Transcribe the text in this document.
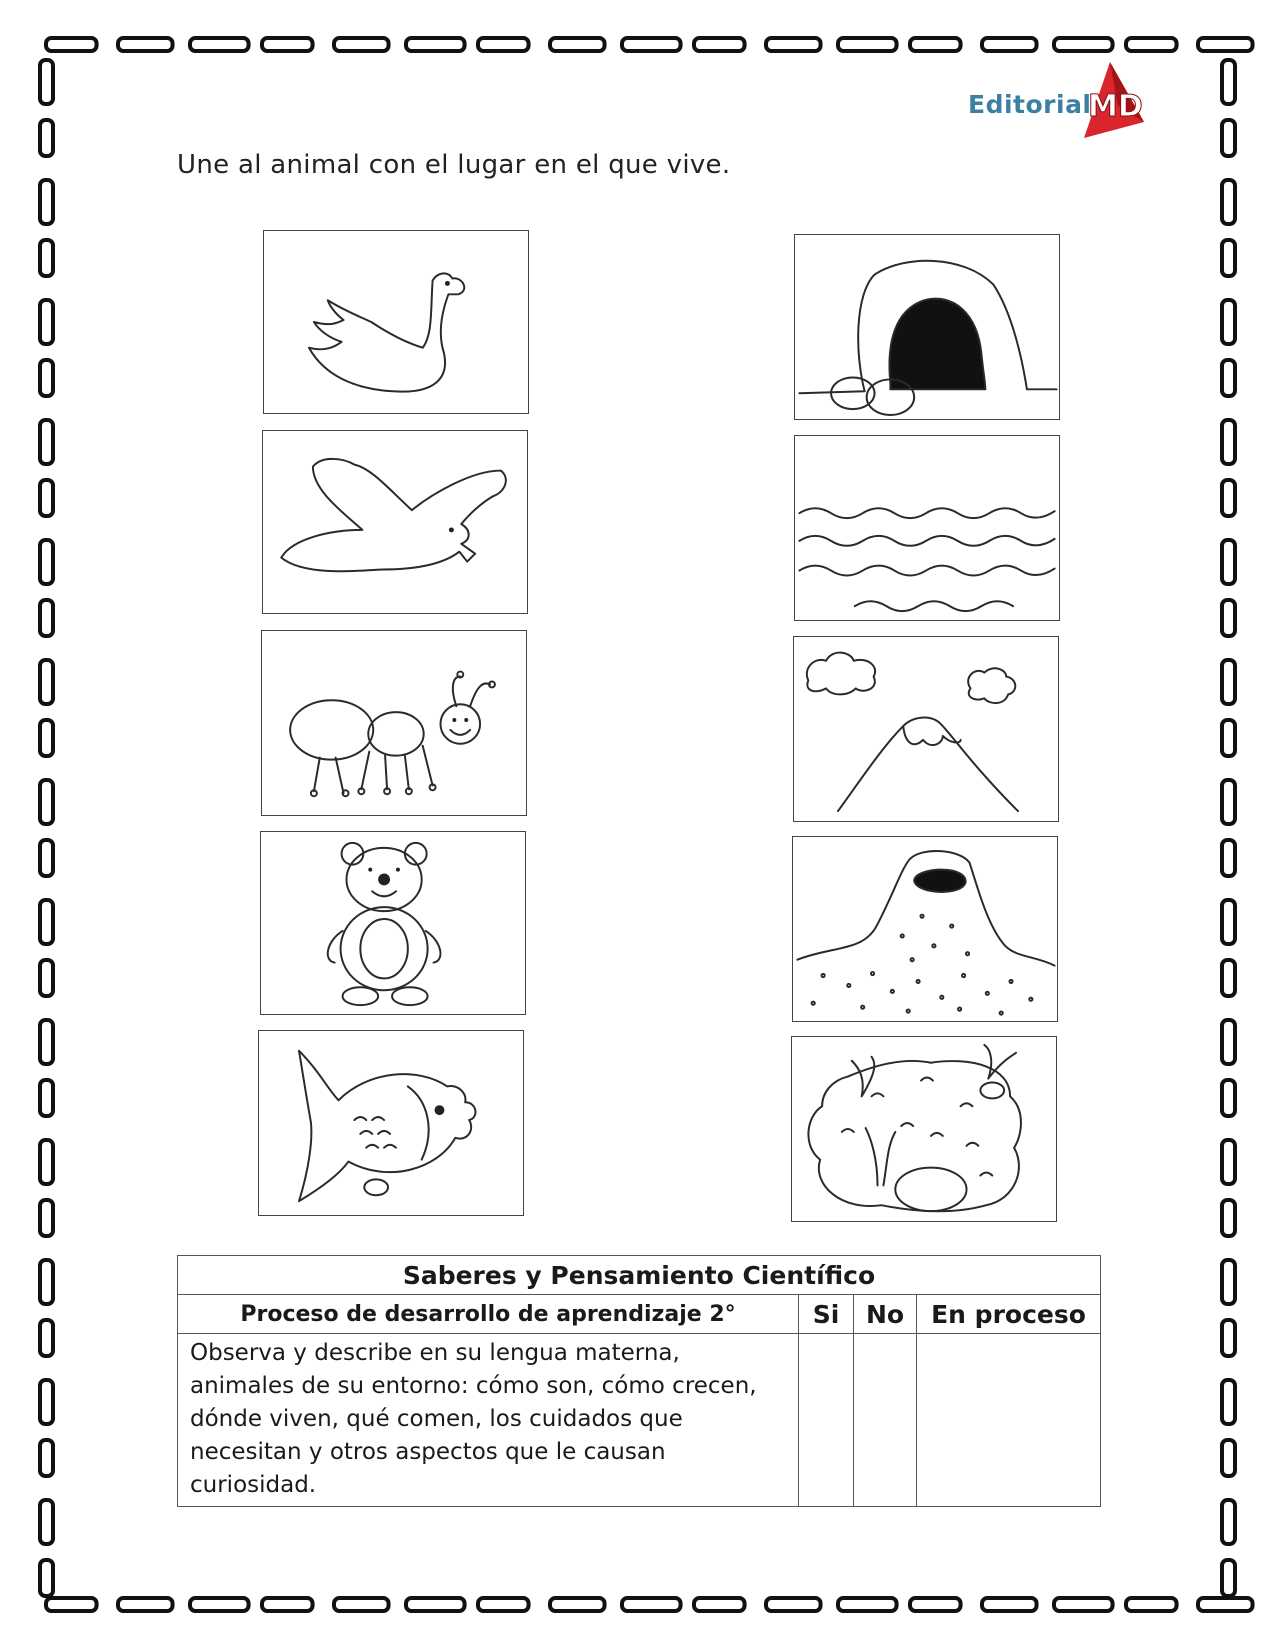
Editorial
MD
Une al animal con el lugar en el que vive.
Saberes y Pensamiento Científico			
Proceso de desarrollo de aprendizaje 2°	Si	No	En proceso
Observa y describe en su lengua materna, animales de su entorno: cómo son, cómo crecen, dónde viven, qué comen, los cuidados que necesitan y otros aspectos que le causan curiosidad.			
